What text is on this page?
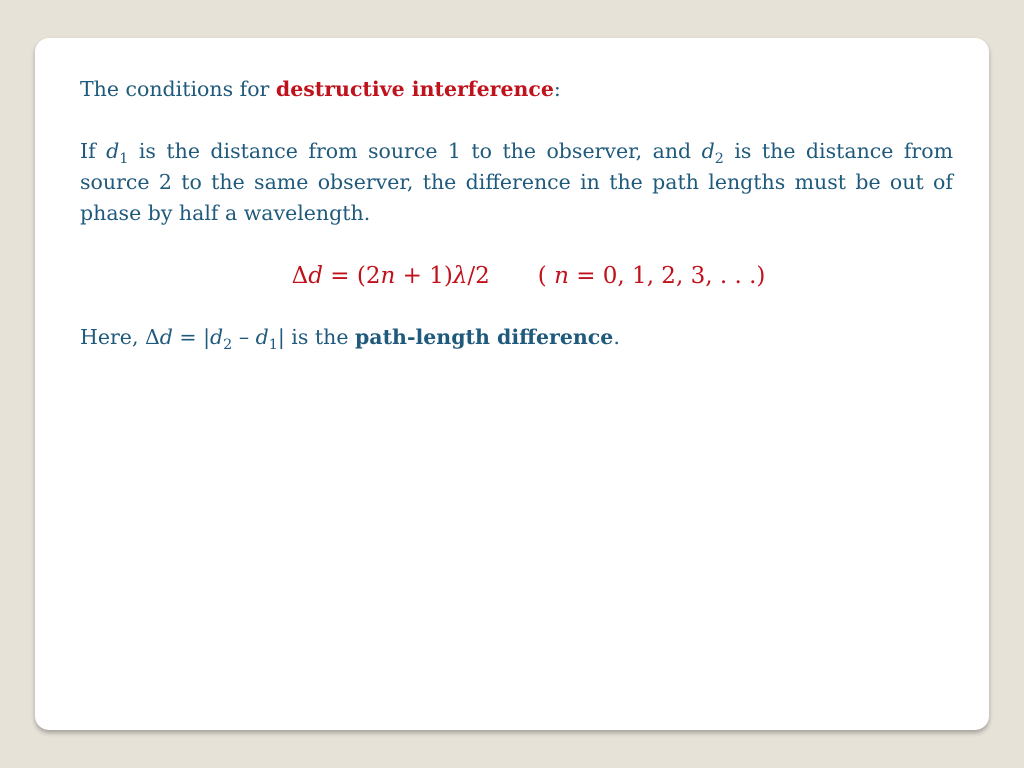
The conditions for destructive interference:

If $d_1$ is the distance from source 1 to the observer, and $d_2$ is the distance from source 2 to the same observer, the difference in the path lengths must be out of phase by half a wavelength.

Δd = (2n + 1)λ/2 ( n = 0, 1, 2, 3, . . .)

Here, $\Delta d = |d_2 - d_1|$ is the path-length difference.
